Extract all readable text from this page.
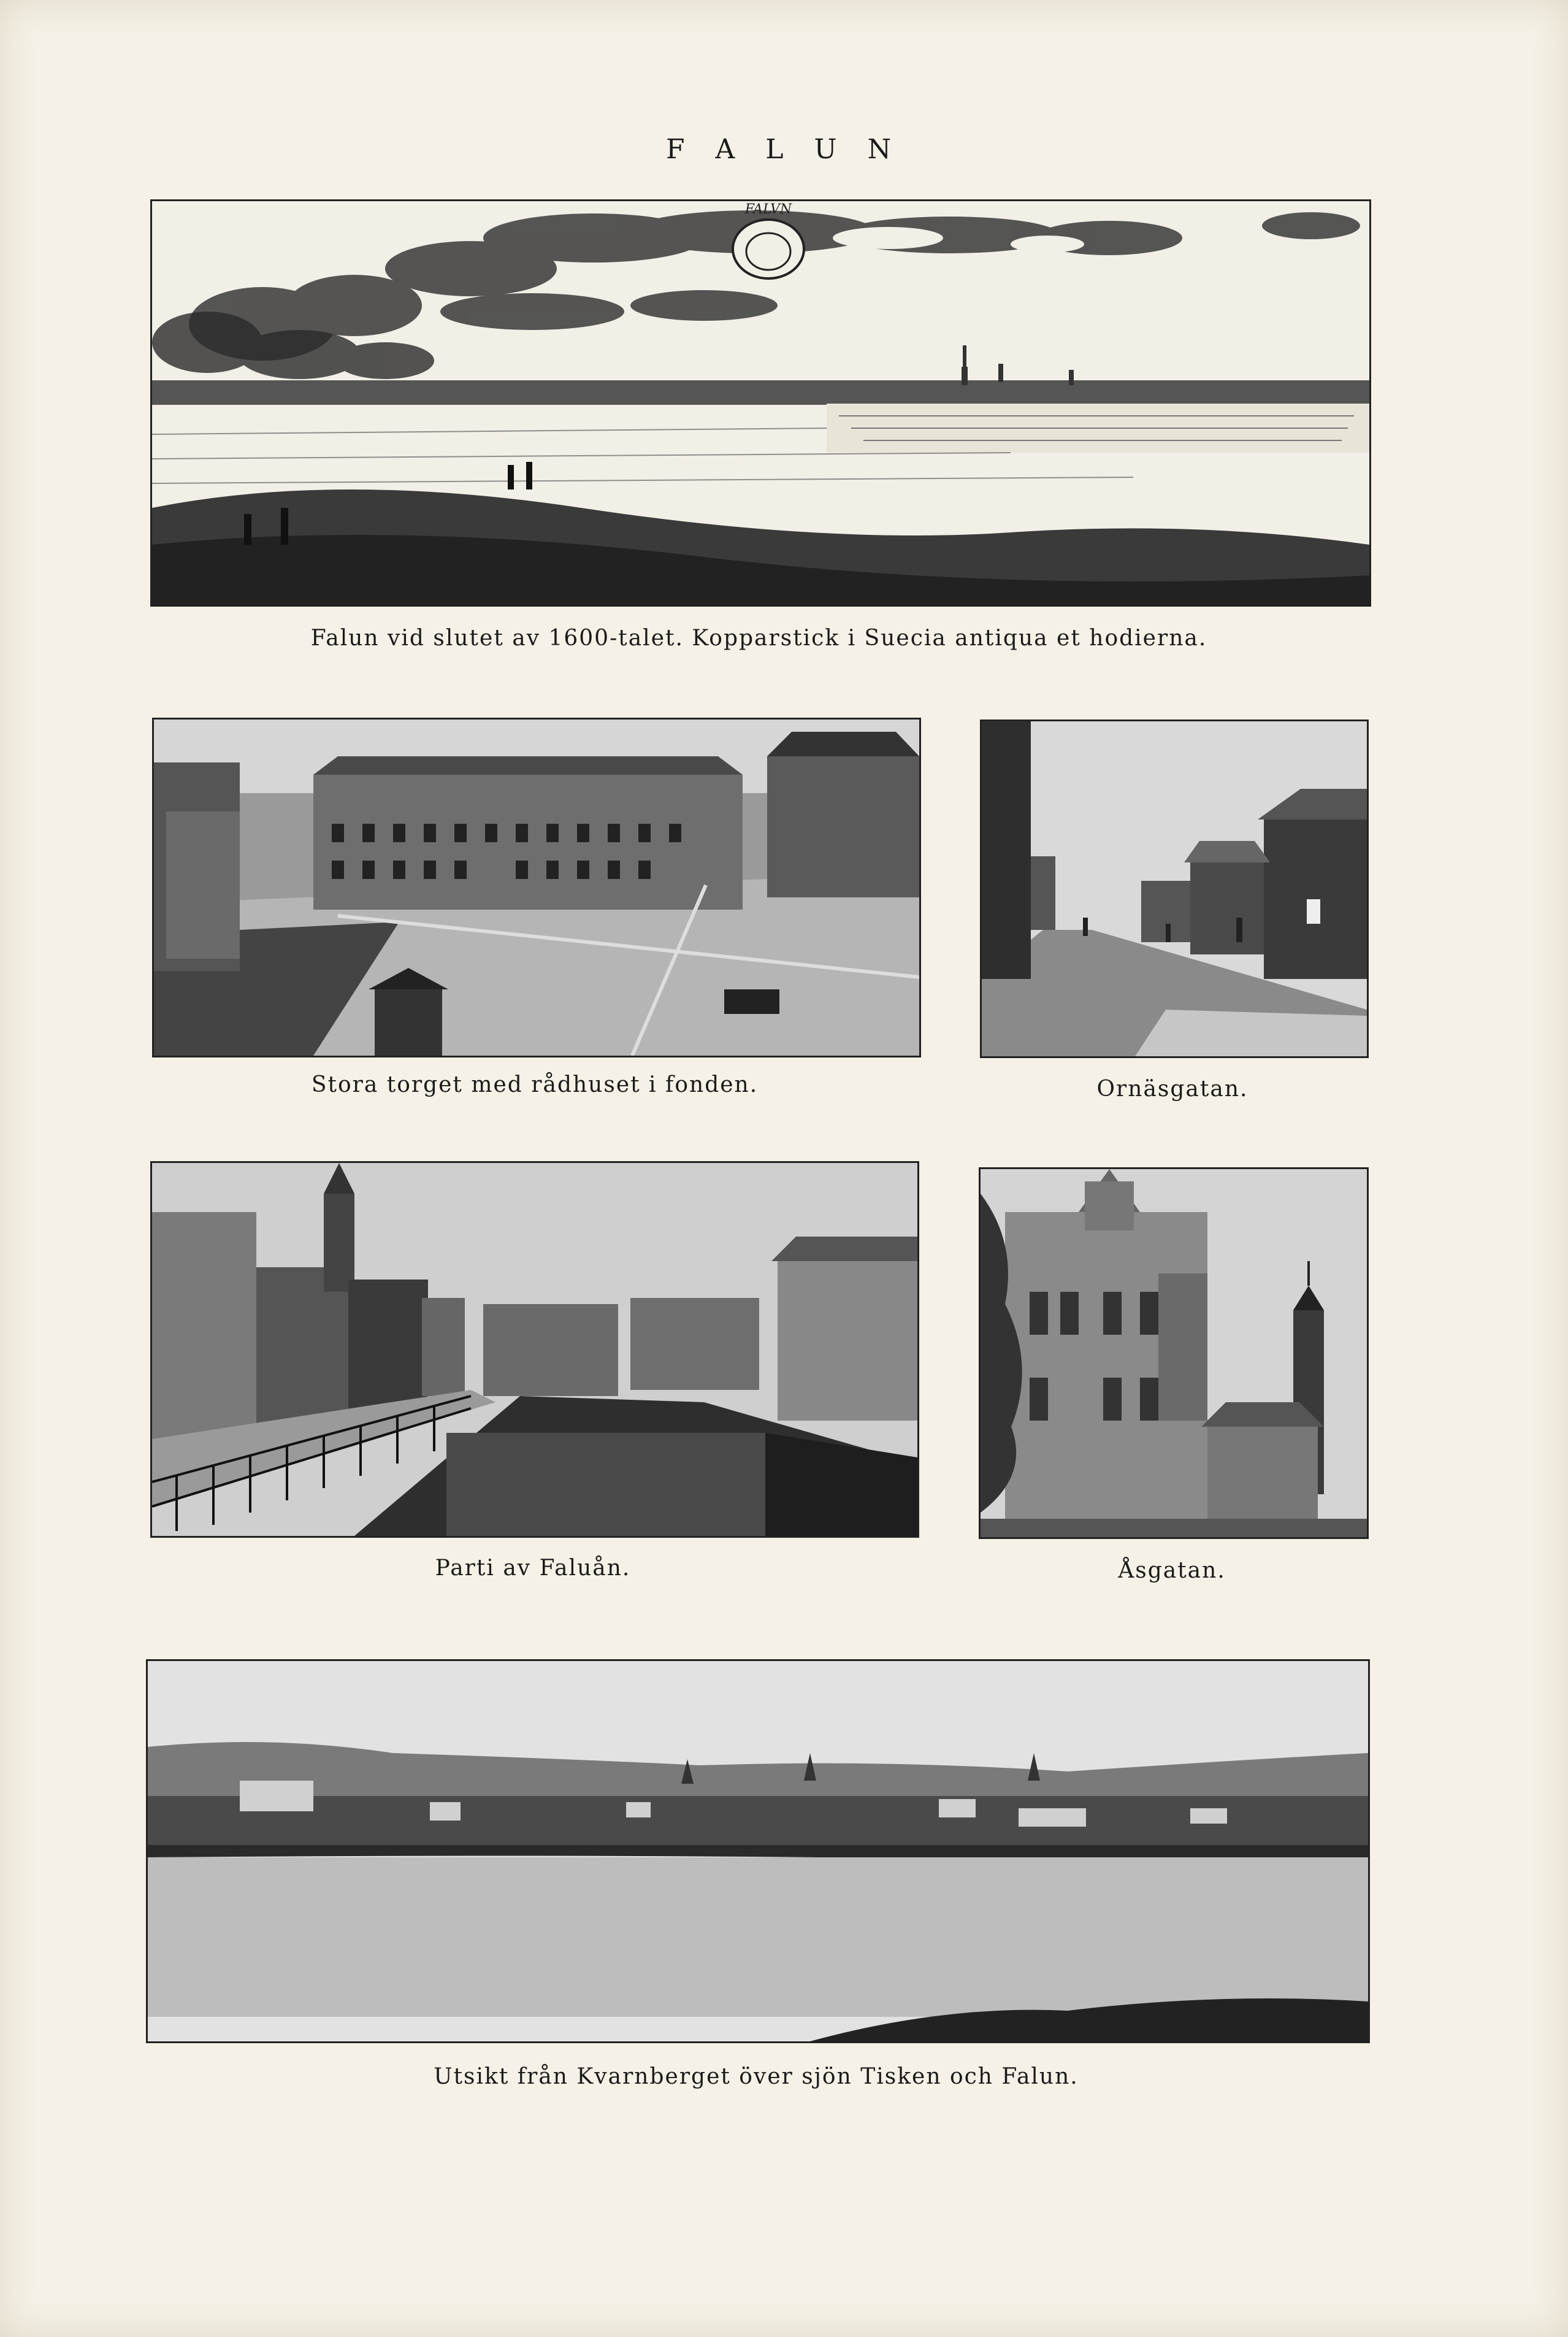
F A L U N
FALVN
Falun vid slutet av 1600-talet. Kopparstick i Suecia antiqua et hodierna.
Stora torget med rådhuset i fonden.	Ornäsgatan.
Parti av Faluån.	Åsgatan.
Utsikt från Kvarnberget över sjön Tisken och Falun.
